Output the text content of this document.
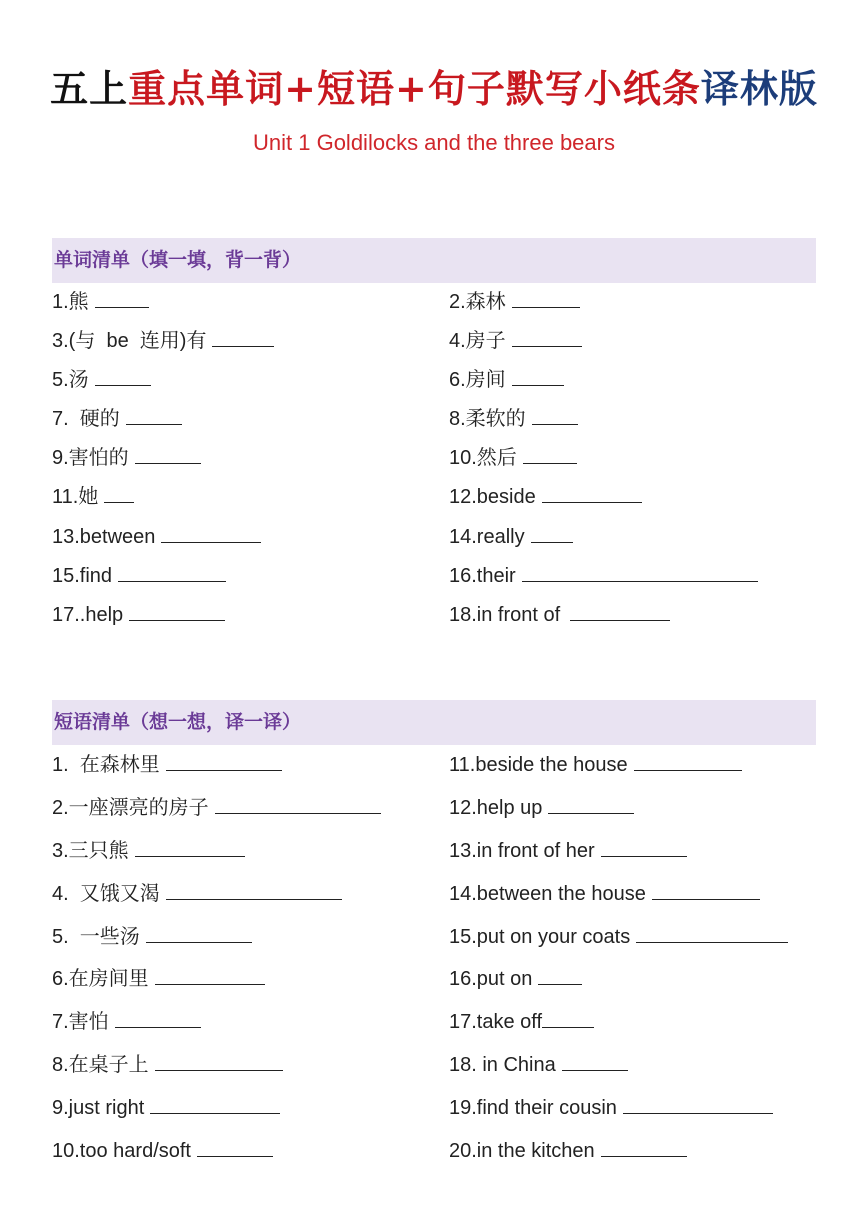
五上重点单词+短语+句子默写小纸条译林版
Unit 1 Goldilocks and the three bears
单词清单（填一填，背一背）
1.熊	2.森林
3.(与  be  连用)有	4.房子
5.汤	6.房间
7.  硬的	8.柔软的
9.害怕的	10.然后
11.她	12.beside
13.between	14.really
15.find	16.their
17..help	18.in front of
短语清单（想一想，译一译）
1.  在森林里	11.beside the house
2.一座漂亮的房子	12.help up
3.三只熊	13.in front of her
4.  又饿又渴	14.between the house
5.  一些汤	15.put on your coats
6.在房间里	16.put on
7.害怕	17.take off
8.在桌子上	18. in China
9.just right	19.find their cousin
10.too hard/soft	20.in the kitchen
